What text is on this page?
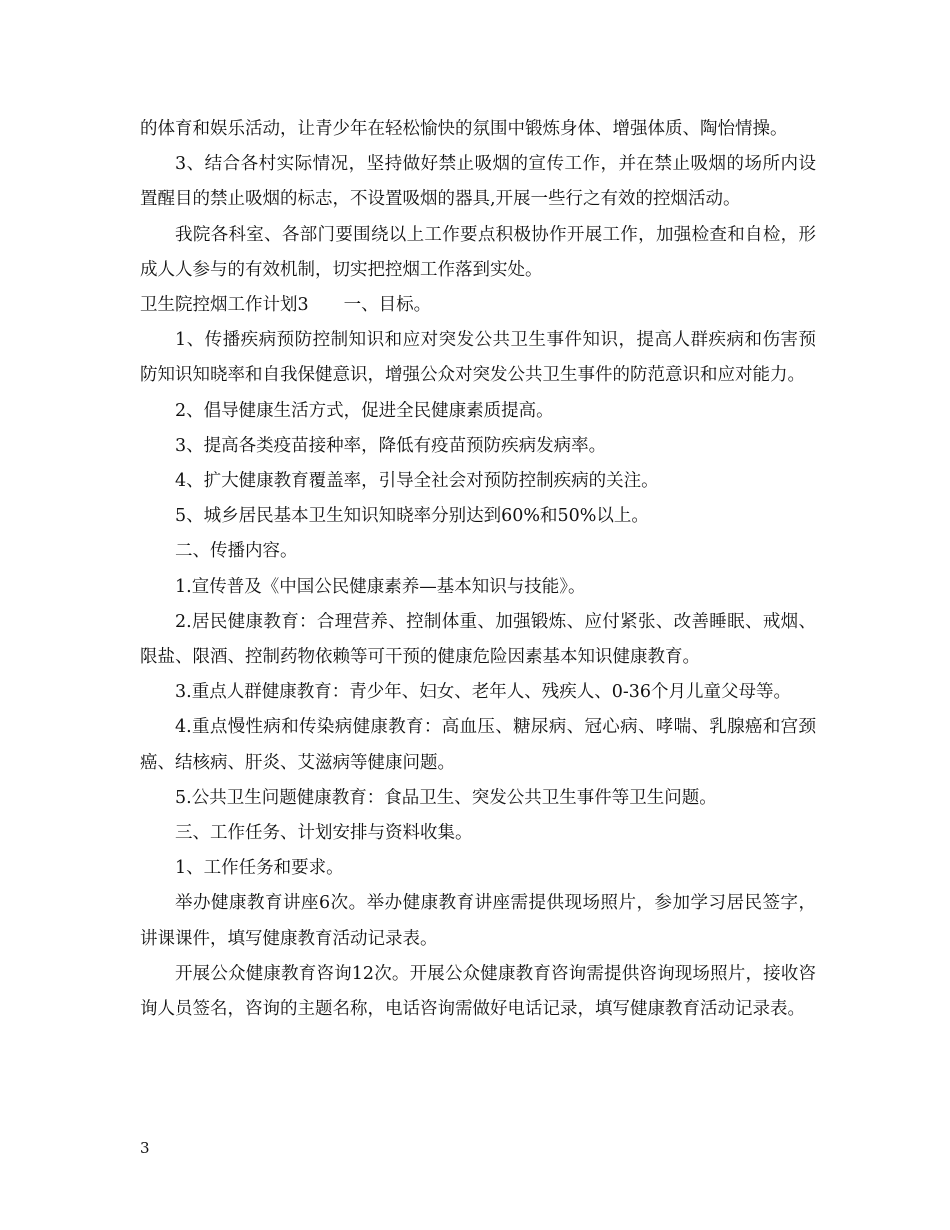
的体育和娱乐活动，让青少年在轻松愉快的氛围中锻炼身体、增强体质、陶怡情操。

3、结合各村实际情况，坚持做好禁止吸烟的宣传工作，并在禁止吸烟的场所内设置醒目的禁止吸烟的标志，不设置吸烟的器具,开展一些行之有效的控烟活动。

我院各科室、各部门要围绕以上工作要点积极协作开展工作，加强检查和自检，形成人人参与的有效机制，切实把控烟工作落到实处。

卫生院控烟工作计划3　　一、目标。

1、传播疾病预防控制知识和应对突发公共卫生事件知识，提高人群疾病和伤害预防知识知晓率和自我保健意识，增强公众对突发公共卫生事件的防范意识和应对能力。

2、倡导健康生活方式，促进全民健康素质提高。

3、提高各类疫苗接种率，降低有疫苗预防疾病发病率。

4、扩大健康教育覆盖率，引导全社会对预防控制疾病的关注。

5、城乡居民基本卫生知识知晓率分别达到60%和50%以上。

二、传播内容。

1.宣传普及《中国公民健康素养—基本知识与技能》。

2.居民健康教育：合理营养、控制体重、加强锻炼、应付紧张、改善睡眠、戒烟、限盐、限酒、控制药物依赖等可干预的健康危险因素基本知识健康教育。

3.重点人群健康教育：青少年、妇女、老年人、残疾人、0-36个月儿童父母等。

4.重点慢性病和传染病健康教育：高血压、糖尿病、冠心病、哮喘、乳腺癌和宫颈癌、结核病、肝炎、艾滋病等健康问题。

5.公共卫生问题健康教育：食品卫生、突发公共卫生事件等卫生问题。

三、工作任务、计划安排与资料收集。

1、工作任务和要求。

举办健康教育讲座6次。举办健康教育讲座需提供现场照片，参加学习居民签字，讲课课件，填写健康教育活动记录表。

开展公众健康教育咨询12次。开展公众健康教育咨询需提供咨询现场照片，接收咨询人员签名，咨询的主题名称，电话咨询需做好电话记录，填写健康教育活动记录表。

3
